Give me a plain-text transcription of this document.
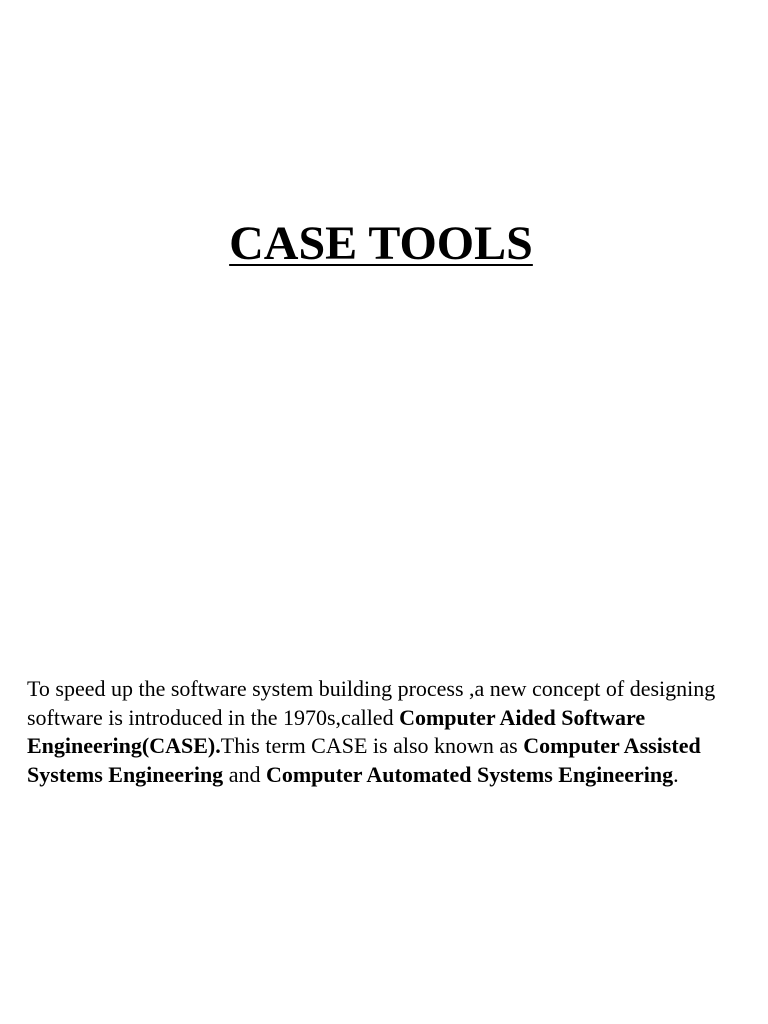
CASE TOOLS

To speed up the software system building process ,a new concept of designing software is introduced in the 1970s,called Computer Aided Software Engineering(CASE).This term CASE is also known as Computer Assisted Systems Engineering and Computer Automated Systems Engineering.
